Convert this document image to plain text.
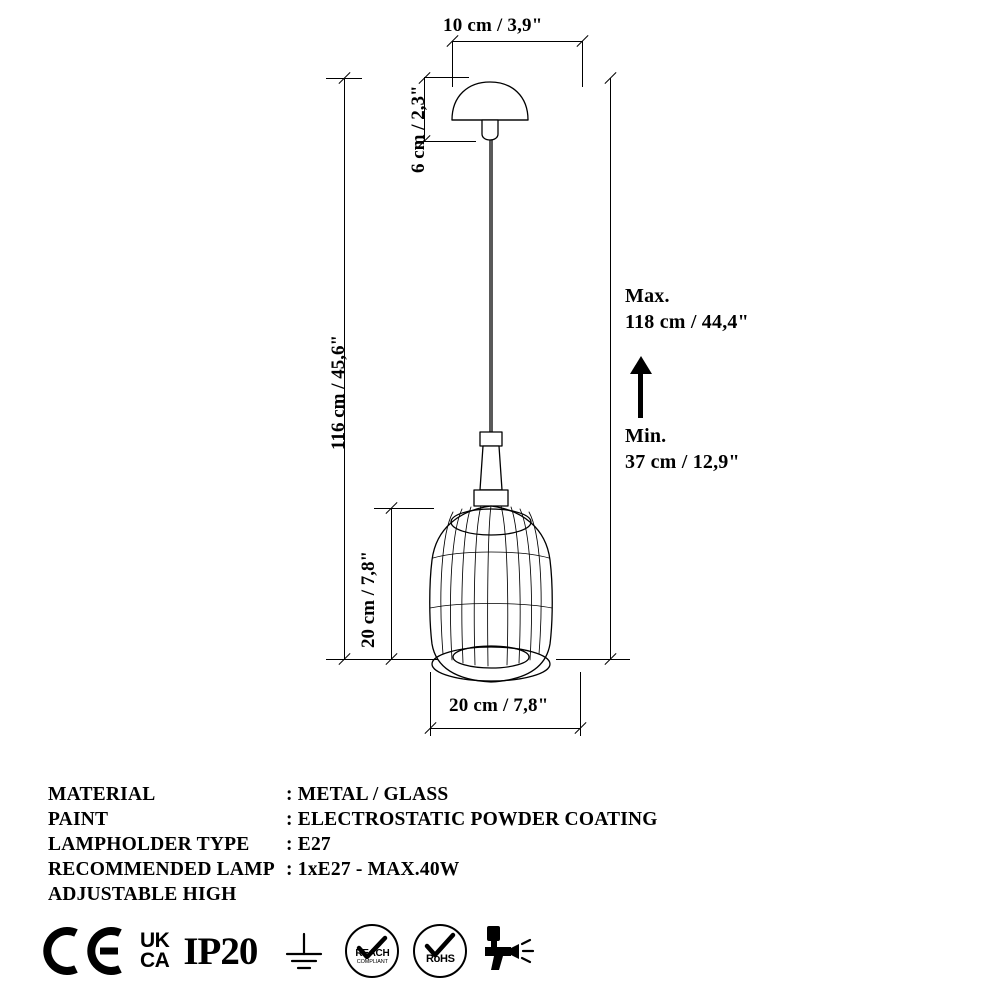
10 cm / 3,9"
6 cm / 2,3"
116 cm / 45,6"
20 cm / 7,8"
Max.
118 cm / 44,4"
Min.
37 cm / 12,9"
20 cm / 7,8"
MATERIAL	: METAL / GLASS
PAINT	: ELECTROSTATIC POWDER COATING
LAMPHOLDER TYPE	: E27
RECOMMENDED LAMP	: 1xE27 - MAX.40W
ADJUSTABLE HIGH	
UK
CA IP20	REACH
COMPLIANT	RoHS
